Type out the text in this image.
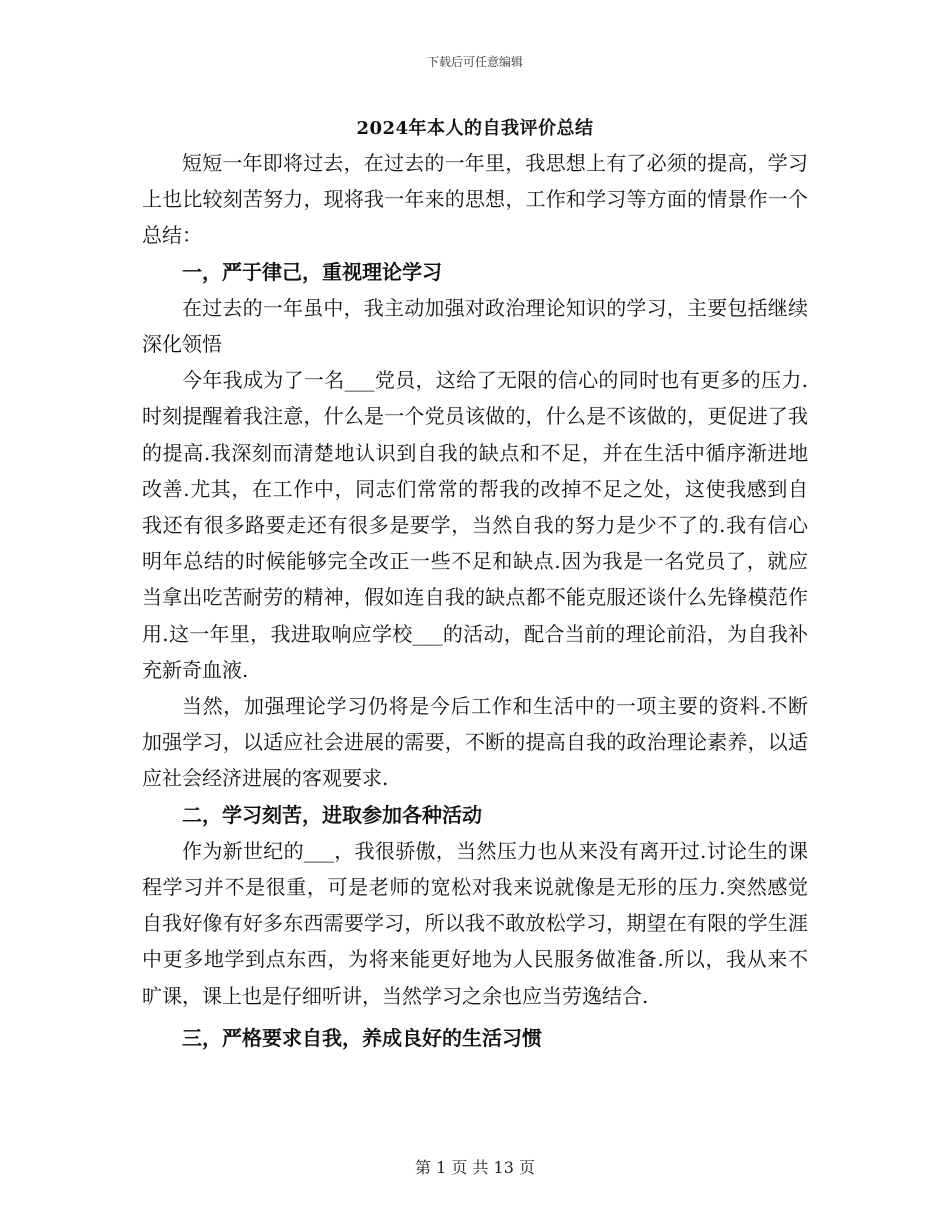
下载后可任意编辑
2024年本人的自我评价总结

短短一年即将过去，在过去的一年里，我思想上有了必须的提高，学习上也比较刻苦努力，现将我一年来的思想，工作和学习等方面的情景作一个总结：

一，严于律己，重视理论学习

在过去的一年虽中，我主动加强对政治理论知识的学习，主要包括继续深化领悟

今年我成为了一名___党员，这给了无限的信心的同时也有更多的压力.时刻提醒着我注意，什么是一个党员该做的，什么是不该做的，更促进了我的提高.我深刻而清楚地认识到自我的缺点和不足，并在生活中循序渐进地改善.尤其，在工作中，同志们常常的帮我的改掉不足之处，这使我感到自我还有很多路要走还有很多是要学，当然自我的努力是少不了的.我有信心明年总结的时候能够完全改正一些不足和缺点.因为我是一名党员了，就应当拿出吃苦耐劳的精神，假如连自我的缺点都不能克服还谈什么先锋模范作用.这一年里，我进取响应学校___的活动，配合当前的理论前沿，为自我补充新奇血液.

当然，加强理论学习仍将是今后工作和生活中的一项主要的资料.不断加强学习，以适应社会进展的需要，不断的提高自我的政治理论素养，以适应社会经济进展的客观要求.

二，学习刻苦，进取参加各种活动

作为新世纪的___，我很骄傲，当然压力也从来没有离开过.讨论生的课程学习并不是很重，可是老师的宽松对我来说就像是无形的压力.突然感觉自我好像有好多东西需要学习，所以我不敢放松学习，期望在有限的学生涯中更多地学到点东西，为将来能更好地为人民服务做准备.所以，我从来不旷课，课上也是仔细听讲，当然学习之余也应当劳逸结合.

三，严格要求自我，养成良好的生活习惯
第 1 页 共 13 页
